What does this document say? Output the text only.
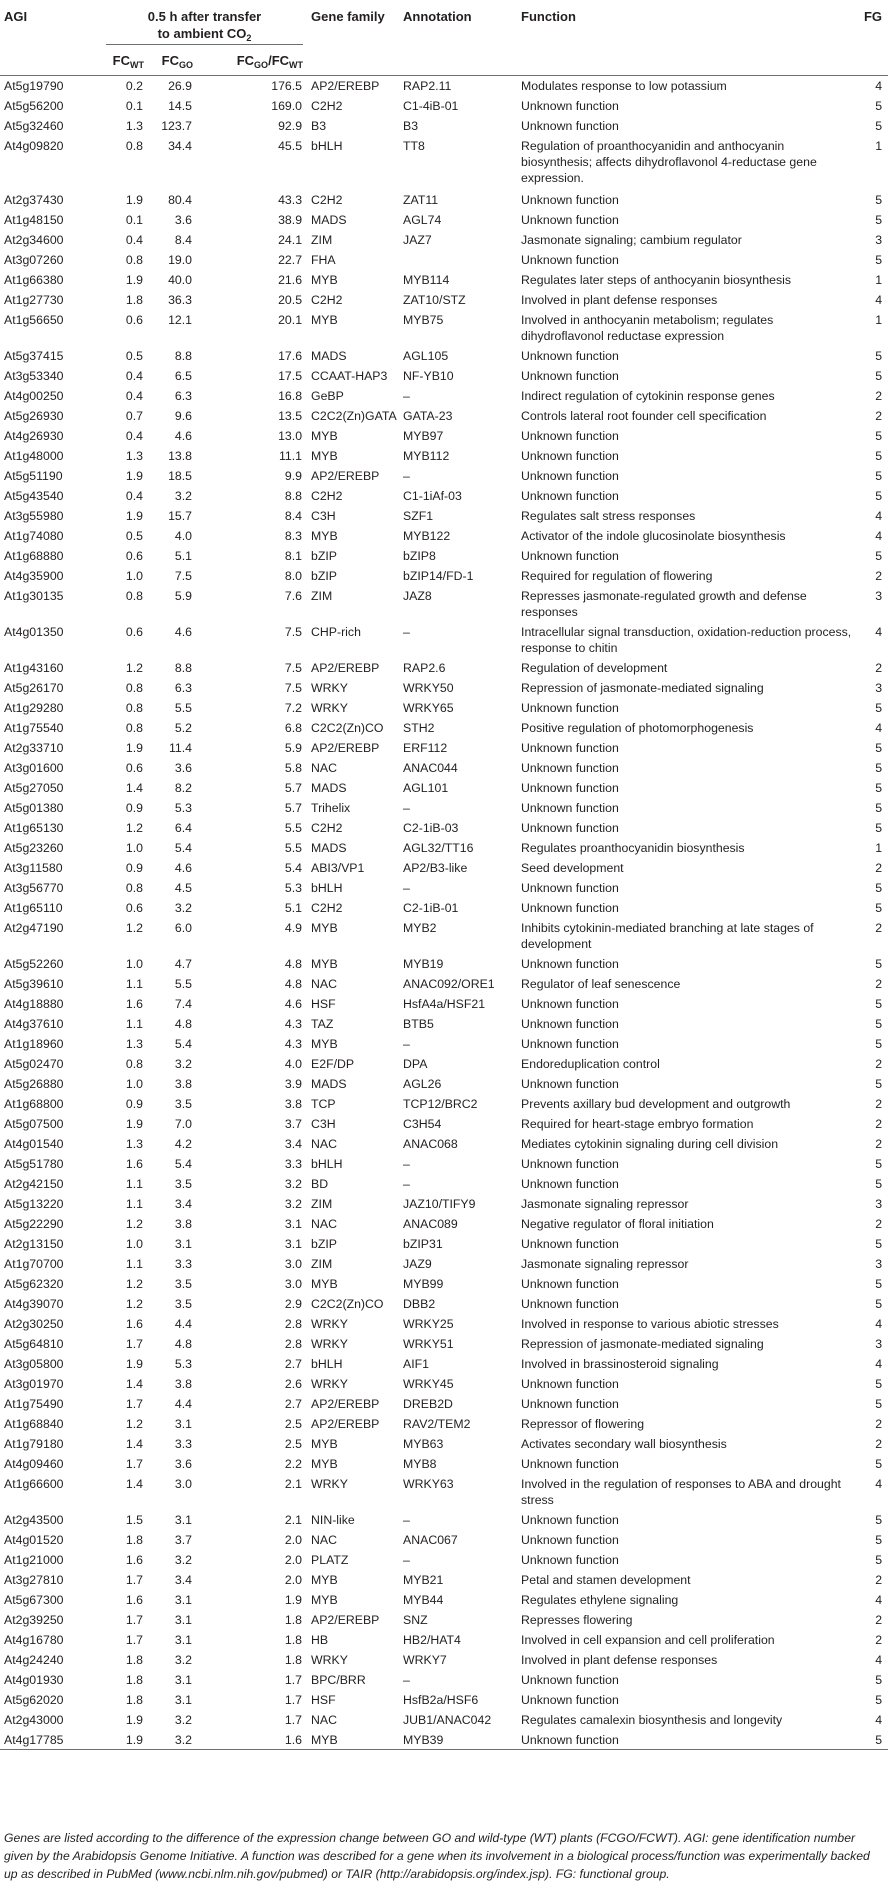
AGI	0.5 h after transfer
to ambient $CO_2$			Gene family	Annotation	Function	FG
	$FC_{WT}$	$FC_{GO}$	$FC_{GO}/FC_{WT}$
At5g19790	0.2	26.9	176.5	AP2/EREBP	RAP2.11	Modulates response to low potassium	4
At5g56200	0.1	14.5	169.0	C2H2	C1-4iB-01	Unknown function	5
At5g32460	1.3	123.7	92.9	B3	B3	Unknown function	5
At4g09820	0.8	34.4	45.5	bHLH	TT8	Regulation of proanthocyanidin and anthocyanin biosynthesis; affects dihydroflavonol 4-reductase gene expression.	1
At2g37430	1.9	80.4	43.3	C2H2	ZAT11	Unknown function	5
At1g48150	0.1	3.6	38.9	MADS	AGL74	Unknown function	5
At2g34600	0.4	8.4	24.1	ZIM	JAZ7	Jasmonate signaling; cambium regulator	3
At3g07260	0.8	19.0	22.7	FHA		Unknown function	5
At1g66380	1.9	40.0	21.6	MYB	MYB114	Regulates later steps of anthocyanin biosynthesis	1
At1g27730	1.8	36.3	20.5	C2H2	ZAT10/STZ	Involved in plant defense responses	4
At1g56650	0.6	12.1	20.1	MYB	MYB75	Involved in anthocyanin metabolism; regulates dihydroflavonol reductase expression	1
At5g37415	0.5	8.8	17.6	MADS	AGL105	Unknown function	5
At3g53340	0.4	6.5	17.5	CCAAT-HAP3	NF-YB10	Unknown function	5
At4g00250	0.4	6.3	16.8	GeBP	–	Indirect regulation of cytokinin response genes	2
At5g26930	0.7	9.6	13.5	C2C2(Zn)GATA	GATA-23	Controls lateral root founder cell specification	2
At4g26930	0.4	4.6	13.0	MYB	MYB97	Unknown function	5
At1g48000	1.3	13.8	11.1	MYB	MYB112	Unknown function	5
At5g51190	1.9	18.5	9.9	AP2/EREBP	–	Unknown function	5
At5g43540	0.4	3.2	8.8	C2H2	C1-1iAf-03	Unknown function	5
At3g55980	1.9	15.7	8.4	C3H	SZF1	Regulates salt stress responses	4
At1g74080	0.5	4.0	8.3	MYB	MYB122	Activator of the indole glucosinolate biosynthesis	4
At1g68880	0.6	5.1	8.1	bZIP	bZIP8	Unknown function	5
At4g35900	1.0	7.5	8.0	bZIP	bZIP14/FD-1	Required for regulation of flowering	2
At1g30135	0.8	5.9	7.6	ZIM	JAZ8	Represses jasmonate-regulated growth and defense responses	3
At4g01350	0.6	4.6	7.5	CHP-rich	–	Intracellular signal transduction, oxidation-reduction process, response to chitin	4
At1g43160	1.2	8.8	7.5	AP2/EREBP	RAP2.6	Regulation of development	2
At5g26170	0.8	6.3	7.5	WRKY	WRKY50	Repression of jasmonate-mediated signaling	3
At1g29280	0.8	5.5	7.2	WRKY	WRKY65	Unknown function	5
At1g75540	0.8	5.2	6.8	C2C2(Zn)CO	STH2	Positive regulation of photomorphogenesis	4
At2g33710	1.9	11.4	5.9	AP2/EREBP	ERF112	Unknown function	5
At3g01600	0.6	3.6	5.8	NAC	ANAC044	Unknown function	5
At5g27050	1.4	8.2	5.7	MADS	AGL101	Unknown function	5
At5g01380	0.9	5.3	5.7	Trihelix	–	Unknown function	5
At1g65130	1.2	6.4	5.5	C2H2	C2-1iB-03	Unknown function	5
At5g23260	1.0	5.4	5.5	MADS	AGL32/TT16	Regulates proanthocyanidin biosynthesis	1
At3g11580	0.9	4.6	5.4	ABI3/VP1	AP2/B3-like	Seed development	2
At3g56770	0.8	4.5	5.3	bHLH	–	Unknown function	5
At1g65110	0.6	3.2	5.1	C2H2	C2-1iB-01	Unknown function	5
At2g47190	1.2	6.0	4.9	MYB	MYB2	Inhibits cytokinin-mediated branching at late stages of development	2
At5g52260	1.0	4.7	4.8	MYB	MYB19	Unknown function	5
At5g39610	1.1	5.5	4.8	NAC	ANAC092/ORE1	Regulator of leaf senescence	2
At4g18880	1.6	7.4	4.6	HSF	HsfA4a/HSF21	Unknown function	5
At4g37610	1.1	4.8	4.3	TAZ	BTB5	Unknown function	5
At1g18960	1.3	5.4	4.3	MYB	–	Unknown function	5
At5g02470	0.8	3.2	4.0	E2F/DP	DPA	Endoreduplication control	2
At5g26880	1.0	3.8	3.9	MADS	AGL26	Unknown function	5
At1g68800	0.9	3.5	3.8	TCP	TCP12/BRC2	Prevents axillary bud development and outgrowth	2
At5g07500	1.9	7.0	3.7	C3H	C3H54	Required for heart-stage embryo formation	2
At4g01540	1.3	4.2	3.4	NAC	ANAC068	Mediates cytokinin signaling during cell division	2
At5g51780	1.6	5.4	3.3	bHLH	–	Unknown function	5
At2g42150	1.1	3.5	3.2	BD	–	Unknown function	5
At5g13220	1.1	3.4	3.2	ZIM	JAZ10/TIFY9	Jasmonate signaling repressor	3
At5g22290	1.2	3.8	3.1	NAC	ANAC089	Negative regulator of floral initiation	2
At2g13150	1.0	3.1	3.1	bZIP	bZIP31	Unknown function	5
At1g70700	1.1	3.3	3.0	ZIM	JAZ9	Jasmonate signaling repressor	3
At5g62320	1.2	3.5	3.0	MYB	MYB99	Unknown function	5
At4g39070	1.2	3.5	2.9	C2C2(Zn)CO	DBB2	Unknown function	5
At2g30250	1.6	4.4	2.8	WRKY	WRKY25	Involved in response to various abiotic stresses	4
At5g64810	1.7	4.8	2.8	WRKY	WRKY51	Repression of jasmonate-mediated signaling	3
At3g05800	1.9	5.3	2.7	bHLH	AIF1	Involved in brassinosteroid signaling	4
At3g01970	1.4	3.8	2.6	WRKY	WRKY45	Unknown function	5
At1g75490	1.7	4.4	2.7	AP2/EREBP	DREB2D	Unknown function	5
At1g68840	1.2	3.1	2.5	AP2/EREBP	RAV2/TEM2	Repressor of flowering	2
At1g79180	1.4	3.3	2.5	MYB	MYB63	Activates secondary wall biosynthesis	2
At4g09460	1.7	3.6	2.2	MYB	MYB8	Unknown function	5
At1g66600	1.4	3.0	2.1	WRKY	WRKY63	Involved in the regulation of responses to ABA and drought stress	4
At2g43500	1.5	3.1	2.1	NIN-like	–	Unknown function	5
At4g01520	1.8	3.7	2.0	NAC	ANAC067	Unknown function	5
At1g21000	1.6	3.2	2.0	PLATZ	–	Unknown function	5
At3g27810	1.7	3.4	2.0	MYB	MYB21	Petal and stamen development	2
At5g67300	1.6	3.1	1.9	MYB	MYB44	Regulates ethylene signaling	4
At2g39250	1.7	3.1	1.8	AP2/EREBP	SNZ	Represses flowering	2
At4g16780	1.7	3.1	1.8	HB	HB2/HAT4	Involved in cell expansion and cell proliferation	2
At4g24240	1.8	3.2	1.8	WRKY	WRKY7	Involved in plant defense responses	4
At4g01930	1.8	3.1	1.7	BPC/BRR	–	Unknown function	5
At5g62020	1.8	3.1	1.7	HSF	HsfB2a/HSF6	Unknown function	5
At2g43000	1.9	3.2	1.7	NAC	JUB1/ANAC042	Regulates camalexin biosynthesis and longevity	4
At4g17785	1.9	3.2	1.6	MYB	MYB39	Unknown function	5
Genes are listed according to the difference of the expression change between GO and wild-type (WT) plants (FCGO/FCWT). AGI: gene identification number given by the Arabidopsis Genome Initiative. A function was described for a gene when its involvement in a biological process/function was experimentally backed up as described in PubMed (www.ncbi.nlm.nih.gov/pubmed) or TAIR (http://arabidopsis.org/index.jsp). FG: functional group.
